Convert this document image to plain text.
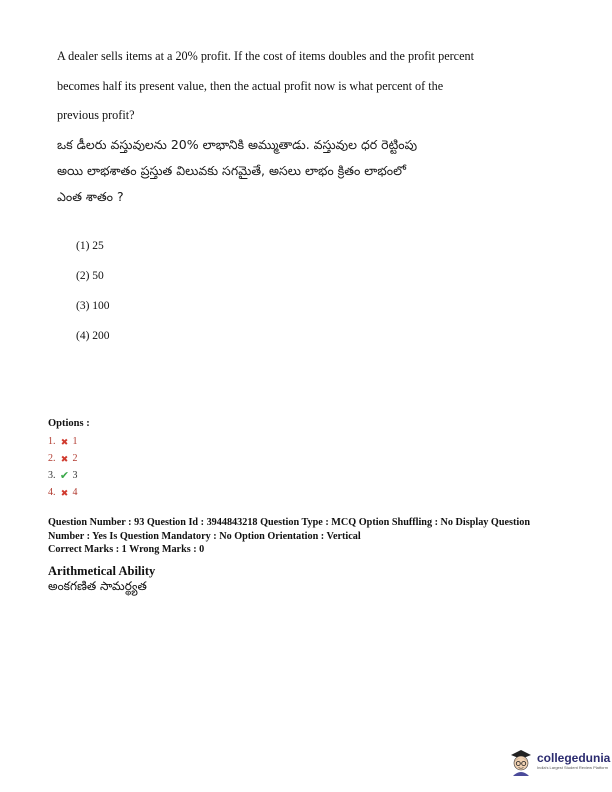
A dealer sells items at a 20% profit. If the cost of items doubles and the profit percent
becomes half its present value, then the actual profit now is what percent of the
previous profit?
ఒక డీలరు వస్తువులను 20% లాభానికి అమ్ముతాడు. వస్తువుల ధర రెట్టింపు
అయి లాభశాతం ప్రస్తుత విలువకు సగమైతే, అసలు లాభం క్రితం లాభంలో
ఎంత శాతం ?
(1) 25
(2) 50
(3) 100
(4) 200
Options :
1. ✖ 1
2. ✖ 2
3. ✔ 3
4. ✖ 4
Question Number : 93 Question Id : 3944843218 Question Type : MCQ Option Shuffling : No Display Question
Number : Yes Is Question Mandatory : No Option Orientation : Vertical
Correct Marks : 1 Wrong Marks : 0
Arithmetical Ability
అంకగణిత సామర్థ్యత
collegedunia
India's Largest Student Review Platform
